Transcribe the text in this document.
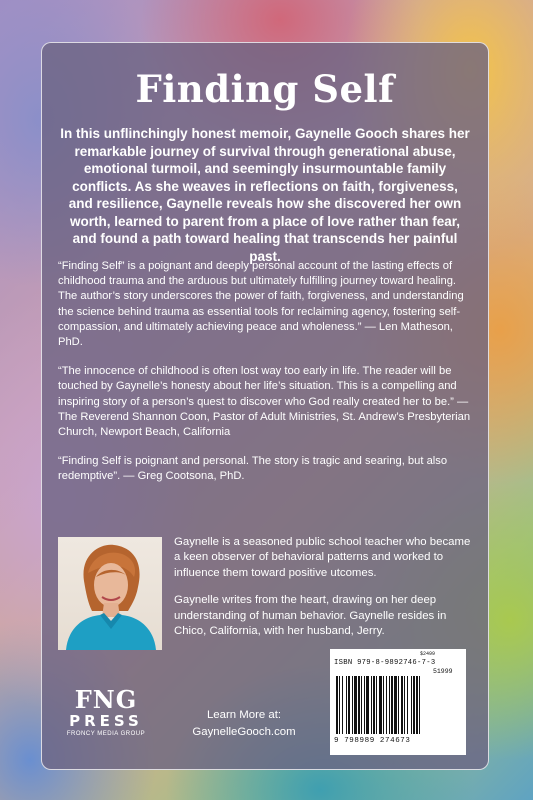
Finding Self
In this unflinchingly honest memoir, Gaynelle Gooch shares her remarkable journey of survival through generational abuse, emotional turmoil, and seemingly insurmountable family conflicts. As she weaves in reflections on faith, forgiveness, and resilience, Gaynelle reveals how she discovered her own worth, learned to parent from a place of love rather than fear, and found a path toward healing that transcends her painful past.

“Finding Self” is a poignant and deeply personal account of the lasting effects of childhood trauma and the arduous but ultimately fulfilling journey toward healing. The author’s story underscores the power of faith, forgiveness, and understanding the science behind trauma as essential tools for reclaiming agency, fostering self-compassion, and ultimately achieving peace and wholeness.” — Len Matheson, PhD.

“The innocence of childhood is often lost way too early in life. The reader will be touched by Gaynelle’s honesty about her life’s situation. This is a compelling and inspiring story of a person’s quest to discover who God really created her to be.” — The Reverend Shannon Coon, Pastor of Adult Ministries, St. Andrew’s Presbyterian Church, Newport Beach, California

“Finding Self is poignant and personal. The story is tragic and searing, but also redemptive”. — Greg Cootsona, PhD.

Gaynelle is a seasoned public school teacher who became a keen observer of behavioral patterns and worked to influence them toward positive utcomes.

Gaynelle writes from the heart, drawing on her deep understanding of human behavior. Gaynelle resides in Chico, California, with her husband, Jerry.

FNG
PRESS
FRONCY MEDIA GROUP
Learn More at:
GaynelleGooch.com
$2499
ISBN 979-8-9892746-7-3
51999
9 798989 274673
